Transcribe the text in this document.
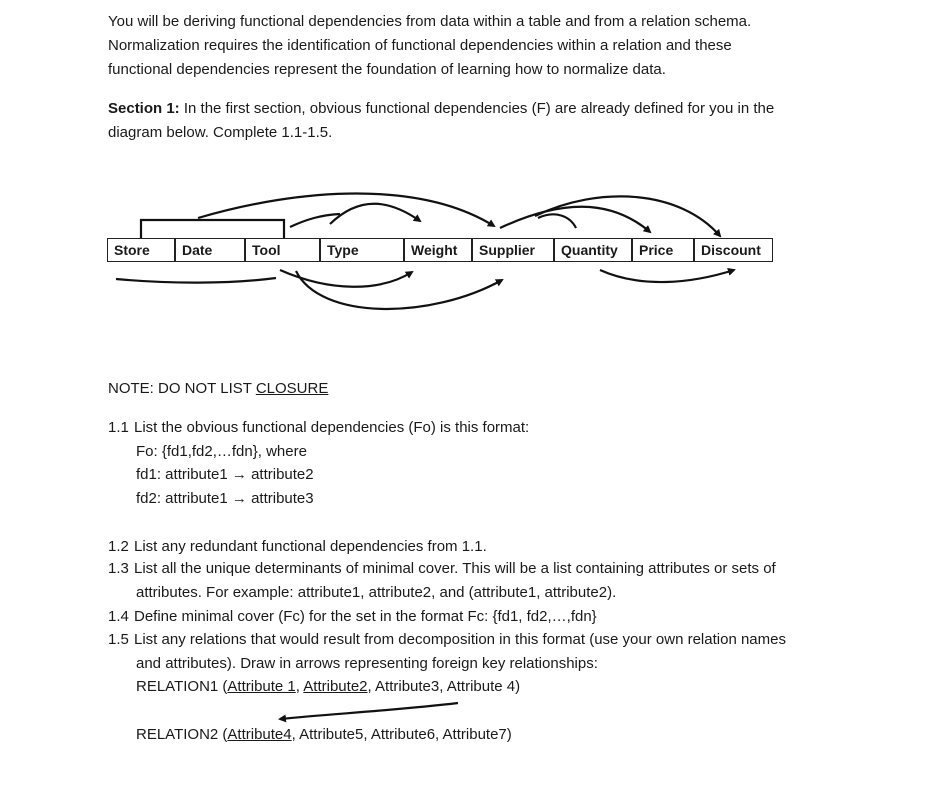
You will be deriving functional dependencies from data within a table and from a relation schema.
Normalization requires the identification of functional dependencies within a relation and these
functional dependencies represent the foundation of learning how to normalize data.
Section 1: In the first section, obvious functional dependencies (F) are already defined for you in the
diagram below. Complete 1.1-1.5.
Store	Date	Tool	Type	Weight	Supplier	Quantity	Price	Discount
NOTE: DO NOT LIST CLOSURE
1.1 List the obvious functional dependencies (Fo) is this format:
Fo: {fd1,fd2,…fdn}, where
fd1: attribute1 → attribute2
fd2: attribute1 → attribute3
1.2 List any redundant functional dependencies from 1.1.
1.3 List all the unique determinants of minimal cover. This will be a list containing attributes or sets of
attributes. For example: attribute1, attribute2, and (attribute1, attribute2).
1.4 Define minimal cover (Fc) for the set in the format Fc: {fd1, fd2,…,fdn}
1.5 List any relations that would result from decomposition in this format (use your own relation names
and attributes). Draw in arrows representing foreign key relationships:
RELATION1 (Attribute 1, Attribute2, Attribute3, Attribute 4)
RELATION2 (Attribute4, Attribute5, Attribute6, Attribute7)
